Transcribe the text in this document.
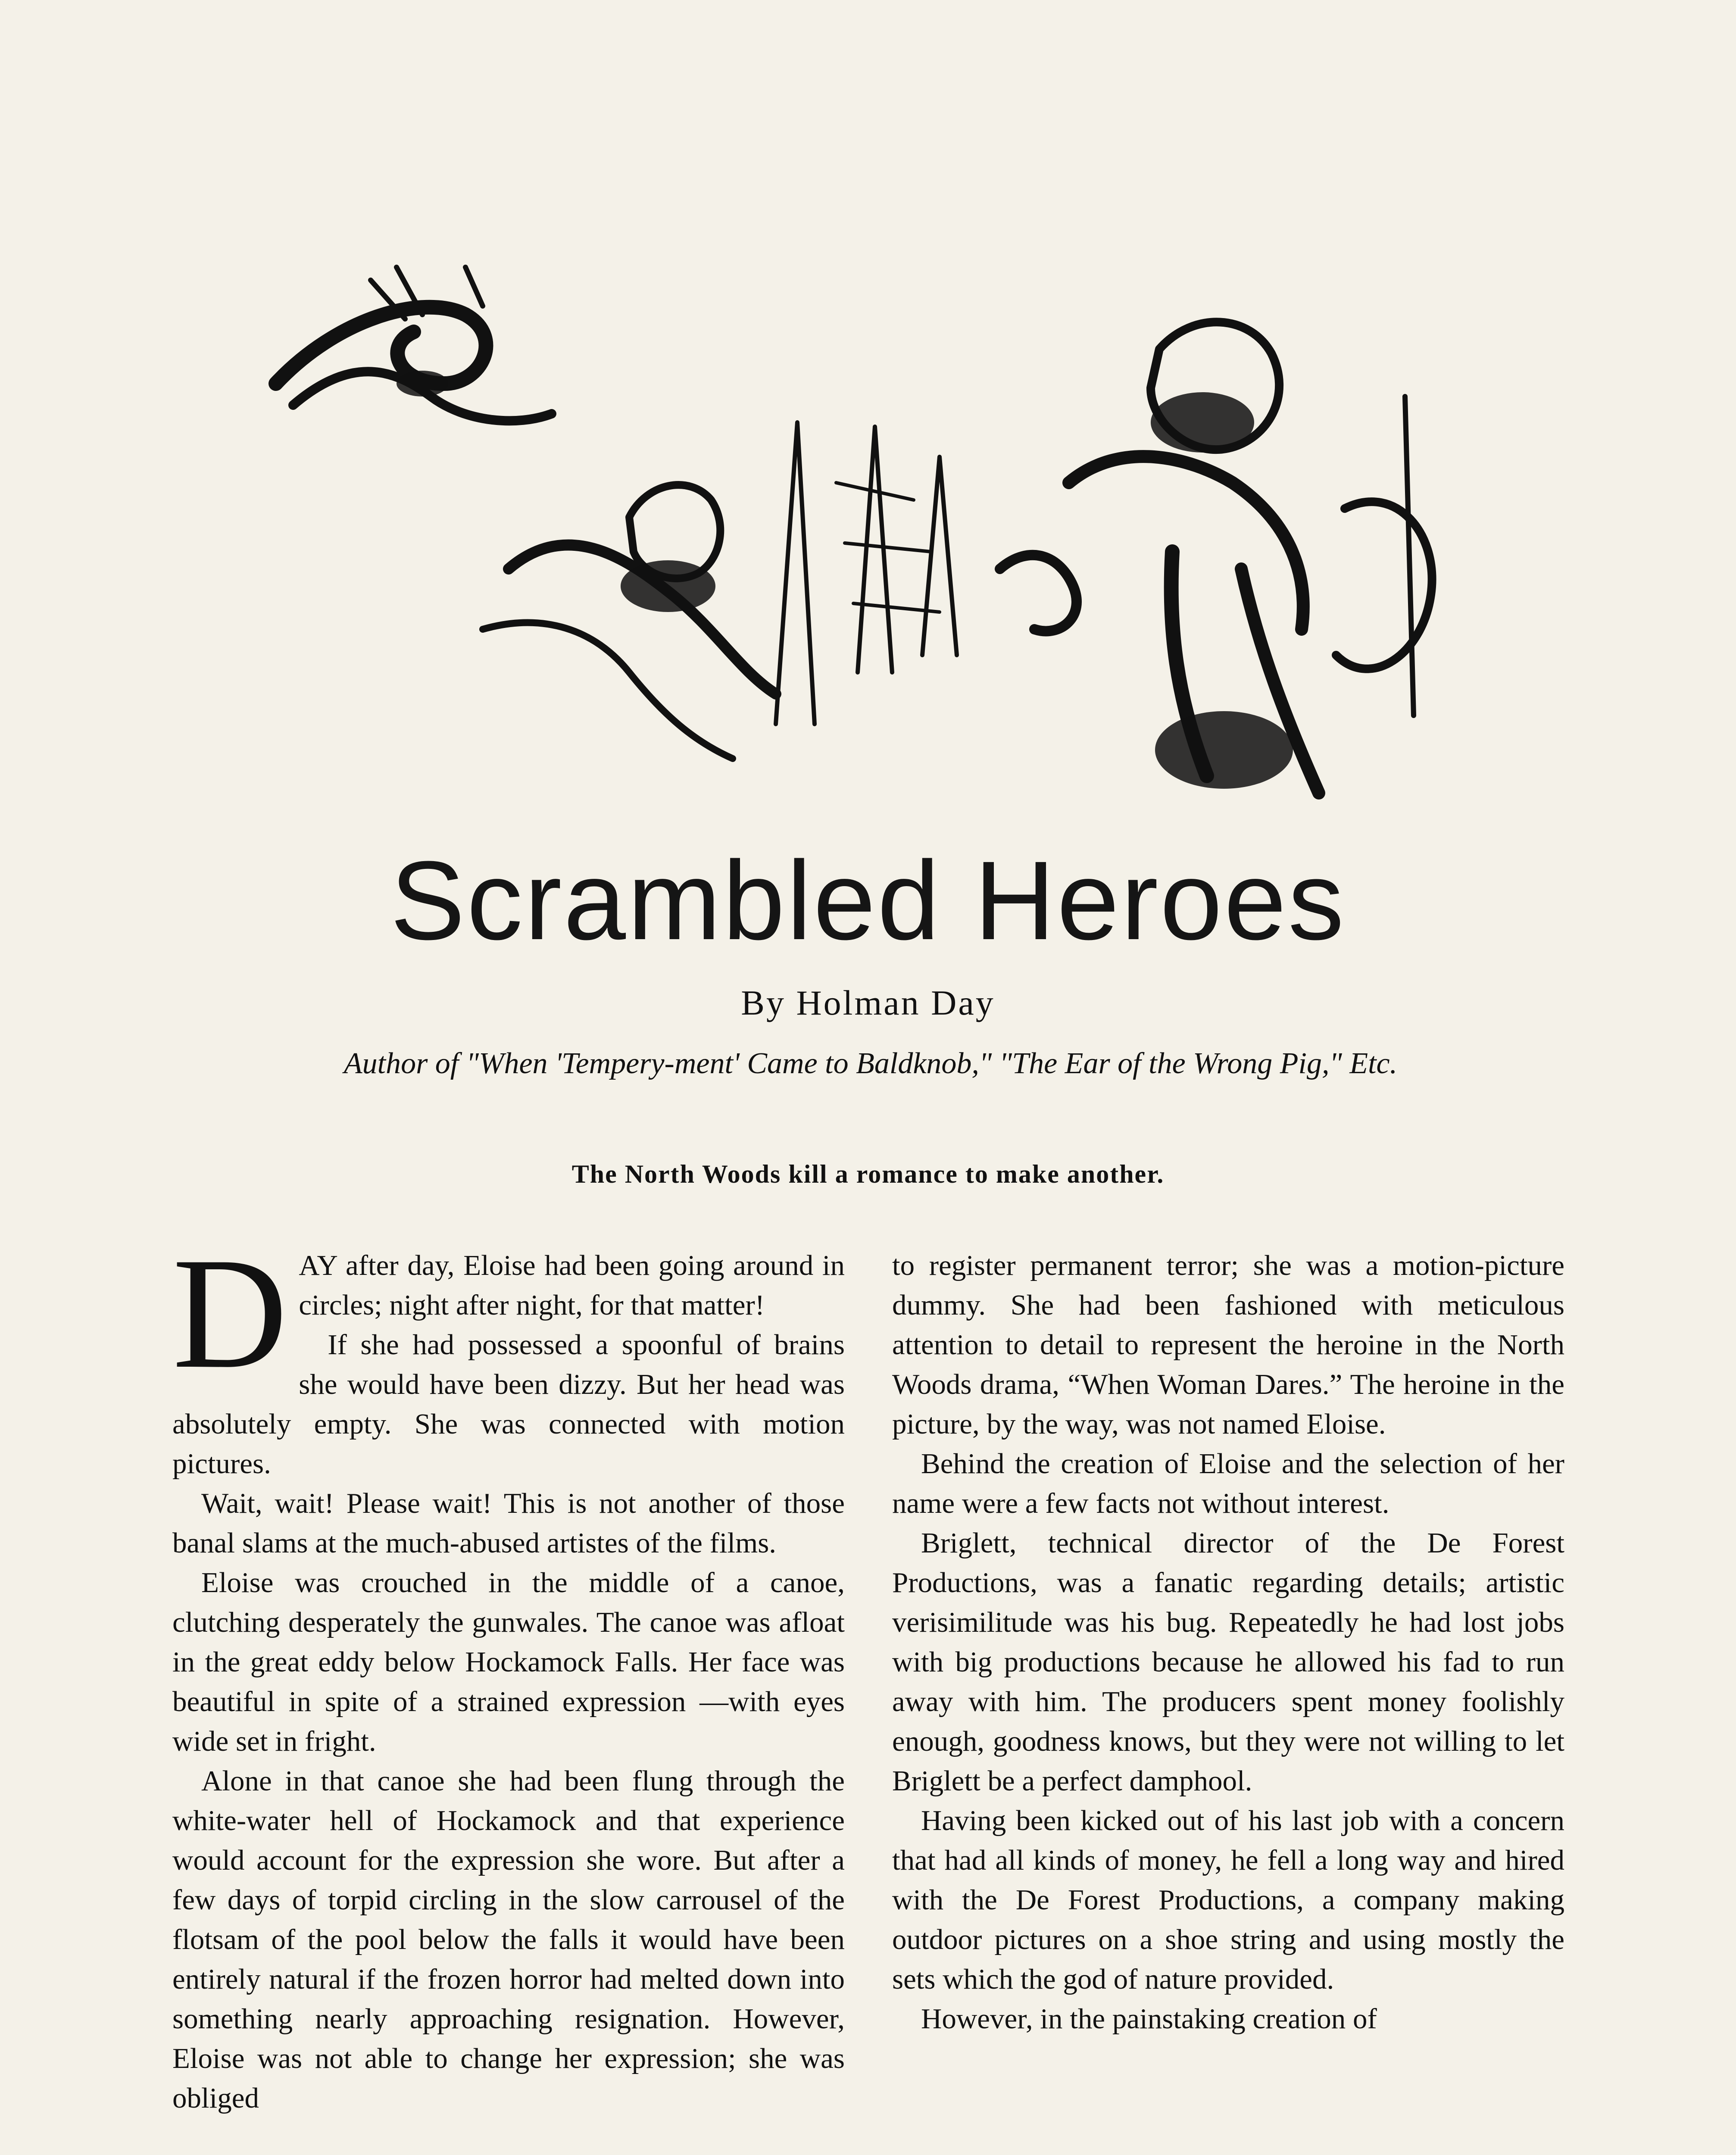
Scrambled Heroes
By Holman Day
Author of "When 'Tempery-ment' Came to Baldknob," "The Ear of the Wrong Pig," Etc.
The North Woods kill a romance to make another.

DAY after day, Eloise had been going around in circles; night after night, for that matter!

If she had possessed a spoonful of brains she would have been dizzy. But her head was absolutely empty. She was connected with motion pictures.

Wait, wait! Please wait! This is not another of those banal slams at the much-abused artistes of the films.

Eloise was crouched in the middle of a canoe, clutching desperately the gunwales. The canoe was afloat in the great eddy below Hockamock Falls. Her face was beautiful in spite of a strained expression —with eyes wide set in fright.

Alone in that canoe she had been flung through the white-water hell of Hockamock and that experience would account for the expression she wore. But after a few days of torpid circling in the slow carrousel of the flotsam of the pool below the falls it would have been entirely natural if the frozen horror had melted down into something nearly approaching resignation. However, Eloise was not able to change her expression; she was obliged

to register permanent terror; she was a motion-picture dummy. She had been fashioned with meticulous attention to detail to represent the heroine in the North Woods drama, “When Woman Dares.” The heroine in the picture, by the way, was not named Eloise.

Behind the creation of Eloise and the selection of her name were a few facts not without interest.

Briglett, technical director of the De Forest Productions, was a fanatic regarding details; artistic verisimilitude was his bug. Repeatedly he had lost jobs with big productions because he allowed his fad to run away with him. The producers spent money foolishly enough, goodness knows, but they were not willing to let Briglett be a perfect damphool.

Having been kicked out of his last job with a concern that had all kinds of money, he fell a long way and hired with the De Forest Productions, a company making outdoor pictures on a shoe string and using mostly the sets which the god of nature provided.

However, in the painstaking creation of
